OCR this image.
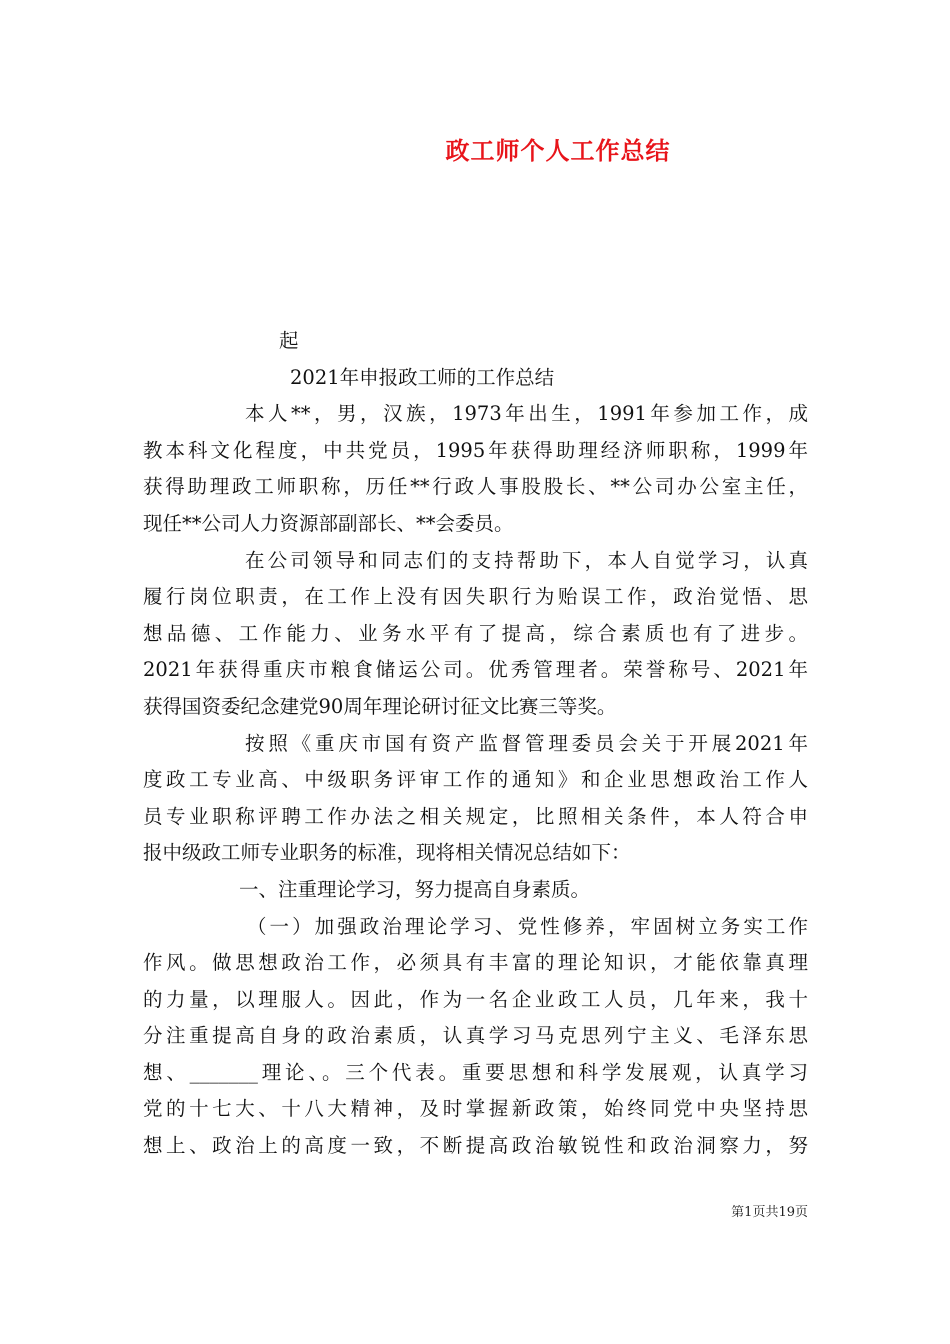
政工师个人工作总结
起
2021年申报政工师的工作总结
本人**，男，汉族，1973年出生，1991年参加工作，成
教本科文化程度，中共党员，1995年获得助理经济师职称，1999年
获得助理政工师职称，历任**行政人事股股长、**公司办公室主任，
现任**公司人力资源部副部长、**会委员。
在公司领导和同志们的支持帮助下，本人自觉学习，认真
履行岗位职责，在工作上没有因失职行为贻误工作，政治觉悟、思
想品德、工作能力、业务水平有了提高，综合素质也有了进步。
2021年获得重庆市粮食储运公司。优秀管理者。荣誉称号、2021年
获得国资委纪念建党90周年理论研讨征文比赛三等奖。
按照《重庆市国有资产监督管理委员会关于开展2021年
度政工专业高、中级职务评审工作的通知》和企业思想政治工作人
员专业职称评聘工作办法之相关规定，比照相关条件，本人符合申
报中级政工师专业职务的标准，现将相关情况总结如下：
一、注重理论学习，努力提高自身素质。
（一）加强政治理论学习、党性修养，牢固树立务实工作
作风。做思想政治工作，必须具有丰富的理论知识，才能依靠真理
的力量，以理服人。因此，作为一名企业政工人员，几年来，我十
分注重提高自身的政治素质，认真学习马克思列宁主义、毛泽东思
想、_______理论、。三个代表。重要思想和科学发展观，认真学习
党的十七大、十八大精神，及时掌握新政策，始终同党中央坚持思
想上、政治上的高度一致，不断提高政治敏锐性和政治洞察力，努
第1页共19页
